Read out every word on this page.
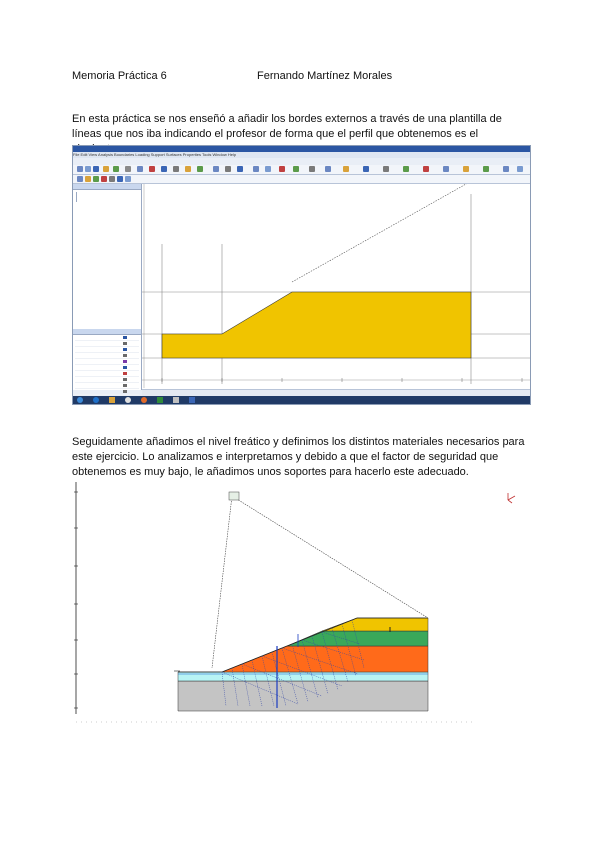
Memoria Práctica 6	Fernando Martínez Morales

En esta práctica se nos enseñó a añadir los bordes externos a través de una plantilla de líneas que nos iba indicando el profesor de forma que el perfil que obtenemos es el

File Edit View Analysis Boundaries Loading Support Surfaces Properties Tools Window Help

Seguidamente añadimos el nivel freático y definimos los distintos materiales necesarios para este ejercicio. Lo analizamos e interpretamos y debido a que el factor de seguridad que obtenemos es muy bajo, le añadimos unos soportes para hacerlo este adecuado.
